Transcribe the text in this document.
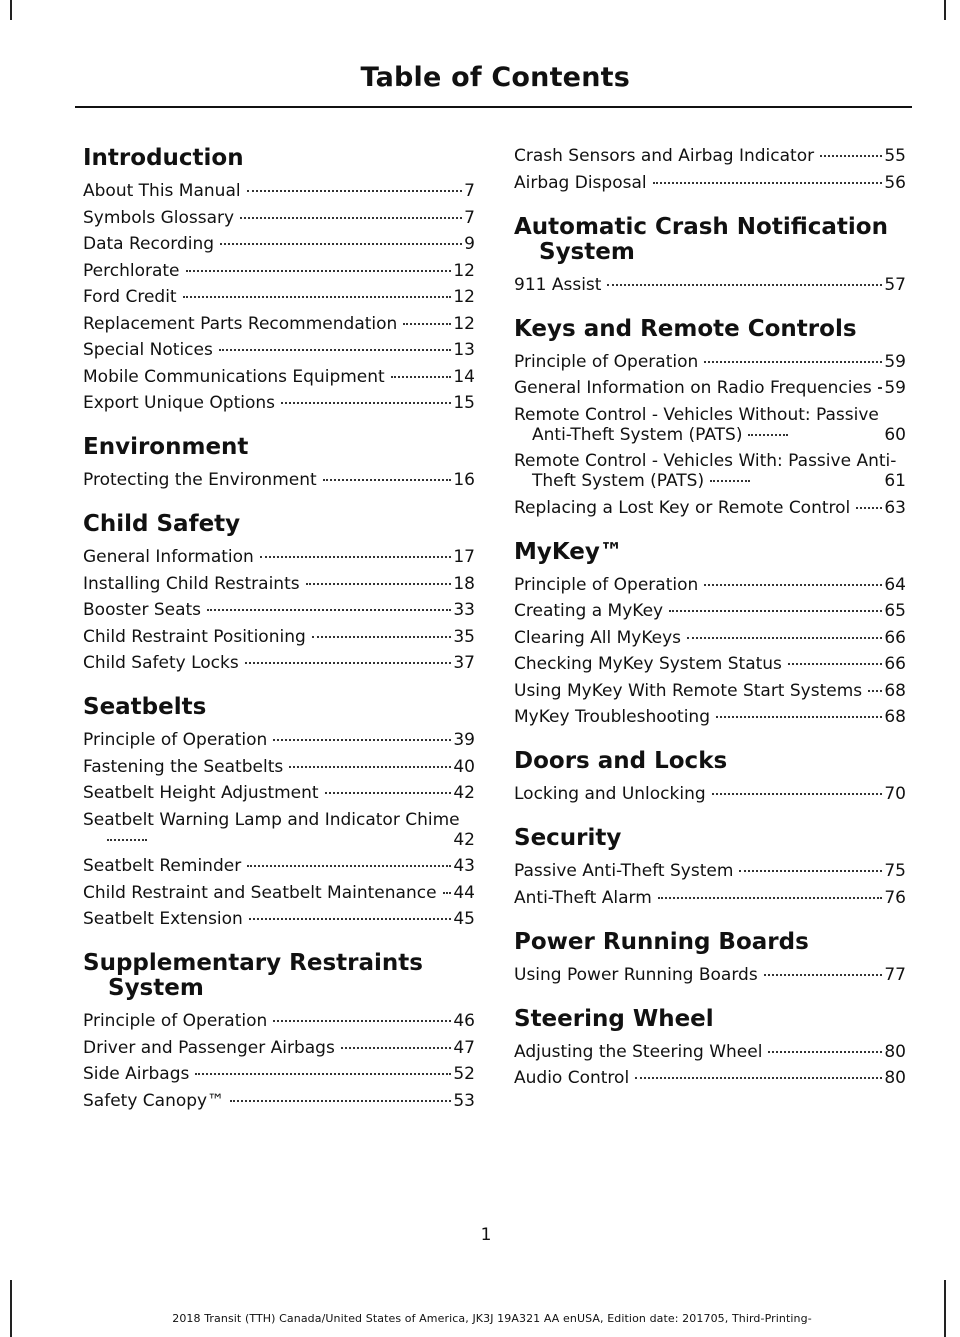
Table of Contents
Introduction
About This Manual	7
Symbols Glossary	7
Data Recording	9
Perchlorate	12
Ford Credit	12
Replacement Parts Recommendation	12
Special Notices	13
Mobile Communications Equipment	14
Export Unique Options	15
Environment
Protecting the Environment	16
Child Safety
General Information	17
Installing Child Restraints	18
Booster Seats	33
Child Restraint Positioning	35
Child Safety Locks	37
Seatbelts
Principle of Operation	39
Fastening the Seatbelts	40
Seatbelt Height Adjustment	42
Seatbelt Warning Lamp and Indicator Chime
42
Seatbelt Reminder	43
Child Restraint and Seatbelt Maintenance 44
Seatbelt Extension	45
Supplementary Restraints System
Principle of Operation	46
Driver and Passenger Airbags	47
Side Airbags	52
Safety Canopy™	53
Crash Sensors and Airbag Indicator	55
Airbag Disposal	56
Automatic Crash Notification System
911 Assist	57
Keys and Remote Controls
Principle of Operation	59
General Information on Radio Frequencies 59
Remote Control - Vehicles Without: Passive Anti-Theft System (PATS)	60
Remote Control - Vehicles With: Passive Anti-Theft System (PATS)	61
Replacing a Lost Key or Remote Control 63
MyKey™
Principle of Operation	64
Creating a MyKey	65
Clearing All MyKeys	66
Checking MyKey System Status	66
Using MyKey With Remote Start Systems 68
MyKey Troubleshooting	68
Doors and Locks
Locking and Unlocking	70
Security
Passive Anti-Theft System	75
Anti-Theft Alarm	76
Power Running Boards
Using Power Running Boards	77
Steering Wheel
Adjusting the Steering Wheel	80
Audio Control	80
1
2018 Transit (TTH) Canada/United States of America, JK3J 19A321 AA enUSA, Edition date: 201705, Third-Printing-
